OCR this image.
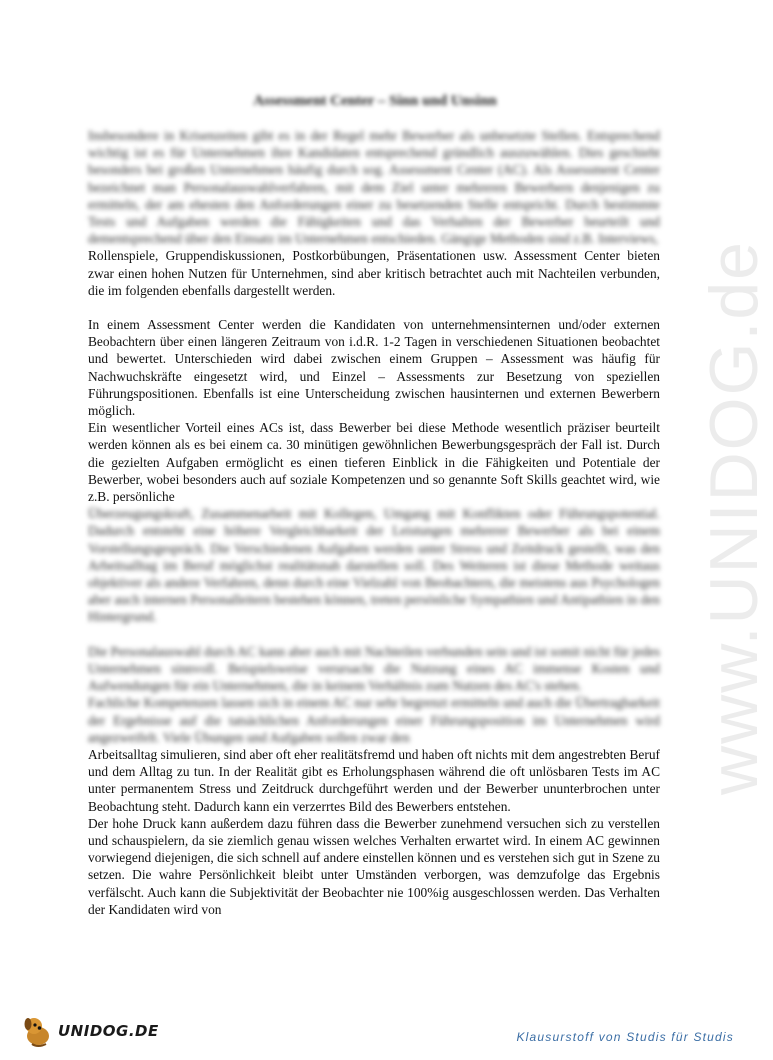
www.UNIDOG.de
Assessment Center – Sinn und Unsinn

Insbesondere in Krisenzeiten gibt es in der Regel mehr Bewerber als unbesetzte Stellen. Entsprechend wichtig ist es für Unternehmen ihre Kandidaten entsprechend gründlich auszuwählen. Dies geschieht besonders bei großen Unternehmen häufig durch sog. Assessment Center (AC). Als Assessment Center bezeichnet man Personalauswahlverfahren, mit dem Ziel unter mehreren Bewerbern denjenigen zu ermitteln, der am ehesten den Anforderungen einer zu besetzenden Stelle entspricht. Durch bestimmte Tests und Aufgaben werden die Fähigkeiten und das Verhalten der Bewerber beurteilt und dementsprechend über den Einsatz im Unternehmen entschieden. Gängige Methoden sind z.B. Interviews,

Rollenspiele, Gruppendiskussionen, Postkorbübungen, Präsentationen usw. Assessment Center bieten zwar einen hohen Nutzen für Unternehmen, sind aber kritisch betrachtet auch mit Nachteilen verbunden, die im folgenden ebenfalls dargestellt werden.

In einem Assessment Center werden die Kandidaten von unternehmensinternen und/oder externen Beobachtern über einen längeren Zeitraum von i.d.R. 1-2 Tagen in verschiedenen Situationen beobachtet und bewertet. Unterschieden wird dabei zwischen einem Gruppen – Assessment was häufig für Nachwuchskräfte eingesetzt wird, und Einzel – Assessments zur Besetzung von speziellen Führungspositionen. Ebenfalls ist eine Unterscheidung zwischen hausinternen und externen Bewerbern möglich.

Ein wesentlicher Vorteil eines ACs ist, dass Bewerber bei diese Methode wesentlich präziser beurteilt werden können als es bei einem ca. 30 minütigen gewöhnlichen Bewerbungsgespräch der Fall ist. Durch die gezielten Aufgaben ermöglicht es einen tieferen Einblick in die Fähigkeiten und Potentiale der Bewerber, wobei besonders auch auf soziale Kompetenzen und so genannte Soft Skills geachtet wird, wie z.B. persönliche

Überzeugungskraft, Zusammenarbeit mit Kollegen, Umgang mit Konflikten oder Führungspotential. Dadurch entsteht eine höhere Vergleichbarkeit der Leistungen mehrerer Bewerber als bei einem Vorstellungsgespräch. Die Verschiedenen Aufgaben werden unter Stress und Zeitdruck gestellt, was den Arbeitsalltag im Beruf möglichst realitätsnah darstellen soll. Des Weiteren ist diese Methode weitaus objektiver als andere Verfahren, denn durch eine Vielzahl von Beobachtern, die meistens aus Psychologen aber auch internen Personalleitern bestehen können, treten persönliche Sympathien und Antipathien in den Hintergrund.

Die Personalauswahl durch AC kann aber auch mit Nachteilen verbunden sein und ist somit nicht für jedes Unternehmen sinnvoll. Beispielsweise verursacht die Nutzung eines AC immense Kosten und Aufwendungen für ein Unternehmen, die in keinem Verhältnis zum Nutzen des AC's stehen.

Fachliche Kompetenzen lassen sich in einem AC nur sehr begrenzt ermitteln und auch die Übertragbarkeit der Ergebnisse auf die tatsächlichen Anforderungen einer Führungsposition im Unternehmen wird angezweifelt. Viele Übungen und Aufgaben sollen zwar den

Arbeitsalltag simulieren, sind aber oft eher realitätsfremd und haben oft nichts mit dem angestrebten Beruf und dem Alltag zu tun. In der Realität gibt es Erholungsphasen während die oft unlösbaren Tests im AC unter permanentem Stress und Zeitdruck durchgeführt werden und der Bewerber ununterbrochen unter Beobachtung steht. Dadurch kann ein verzerrtes Bild des Bewerbers entstehen.

Der hohe Druck kann außerdem dazu führen dass die Bewerber zunehmend versuchen sich zu verstellen und schauspielern, da sie ziemlich genau wissen welches Verhalten erwartet wird. In einem AC gewinnen vorwiegend diejenigen, die sich schnell auf andere einstellen können und es verstehen sich gut in Szene zu setzen. Die wahre Persönlichkeit bleibt unter Umständen verborgen, was demzufolge das Ergebnis verfälscht. Auch kann die Subjektivität der Beobachter nie 100%ig ausgeschlossen werden. Das Verhalten der Kandidaten wird von

UNIDOG.DE	Klausurstoff von Studis für Studis
